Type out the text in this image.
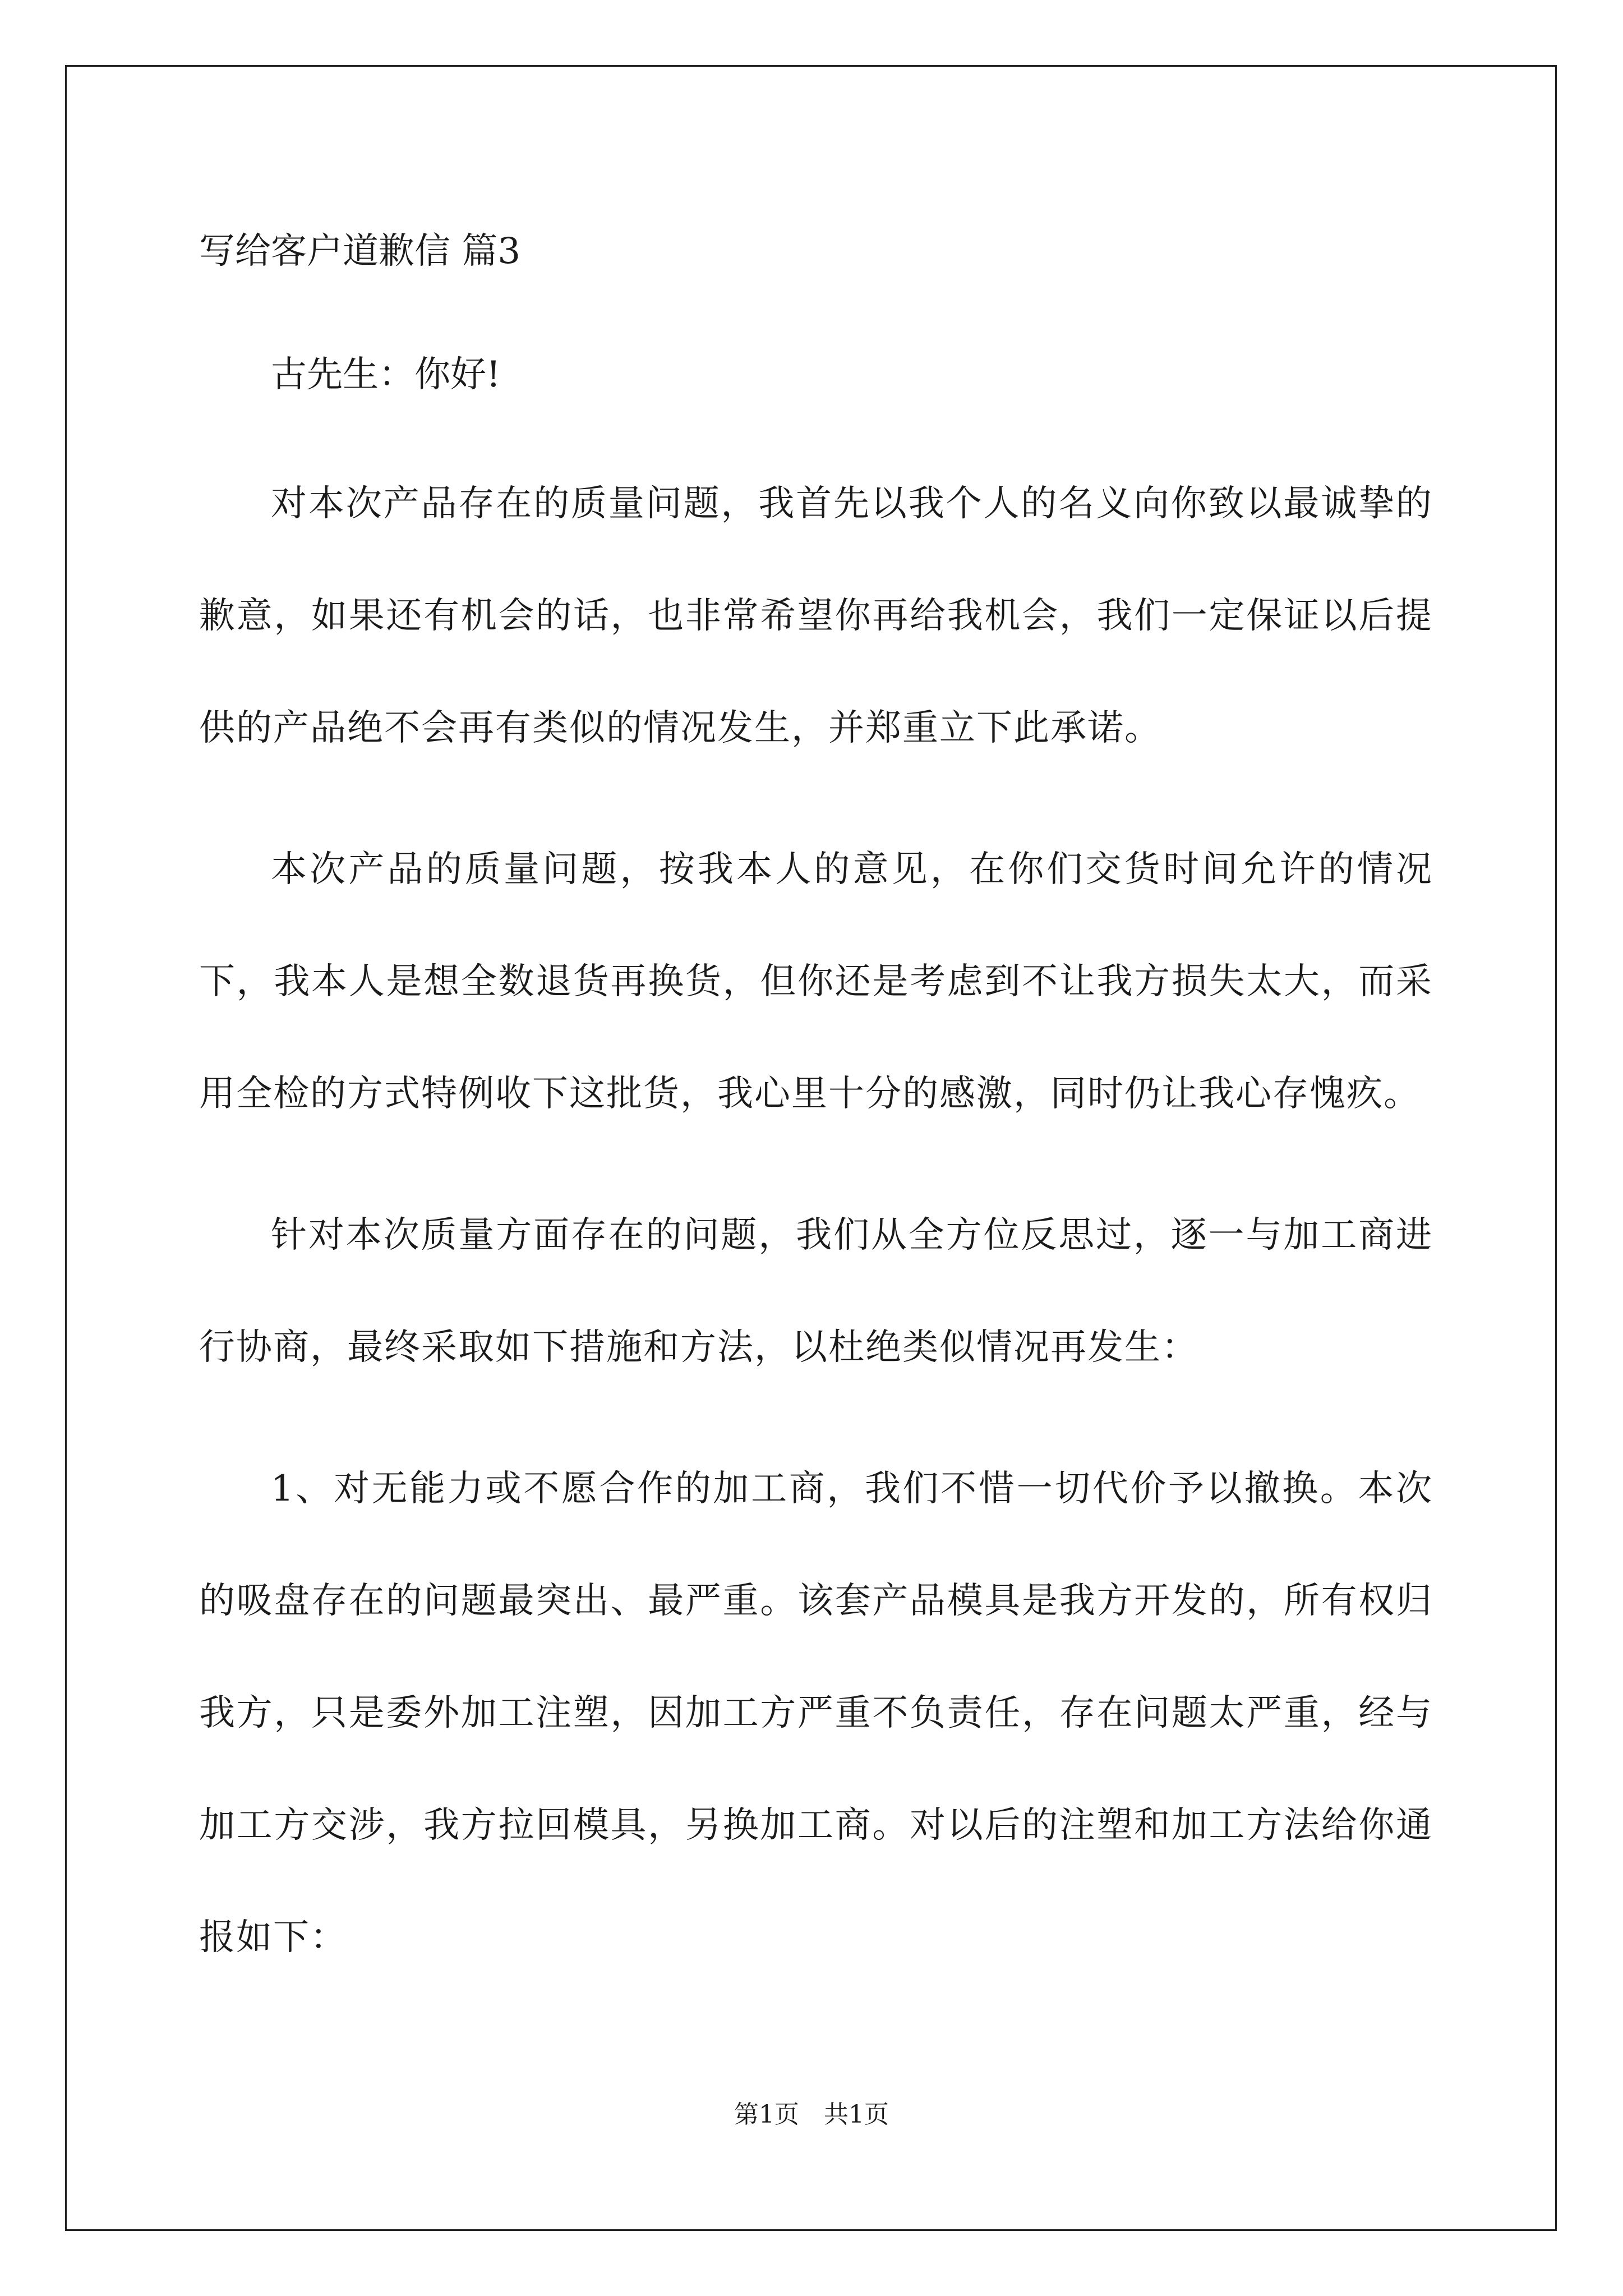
写给客户道歉信 篇3

古先生：你好!

对本次产品存在的质量问题，我首先以我个人的名义向你致以最诚挚的歉意，如果还有机会的话，也非常希望你再给我机会，我们一定保证以后提供的产品绝不会再有类似的情况发生，并郑重立下此承诺。

本次产品的质量问题，按我本人的意见，在你们交货时间允许的情况下，我本人是想全数退货再换货，但你还是考虑到不让我方损失太大，而采用全检的方式特例收下这批货，我心里十分的感激，同时仍让我心存愧疚。

针对本次质量方面存在的问题，我们从全方位反思过，逐一与加工商进行协商，最终采取如下措施和方法，以杜绝类似情况再发生：

1、对无能力或不愿合作的加工商，我们不惜一切代价予以撤换。本次的吸盘存在的问题最突出、最严重。该套产品模具是我方开发的，所有权归我方，只是委外加工注塑，因加工方严重不负责任，存在问题太严重，经与加工方交涉，我方拉回模具，另换加工商。对以后的注塑和加工方法给你通报如下：

第1页　共1页
